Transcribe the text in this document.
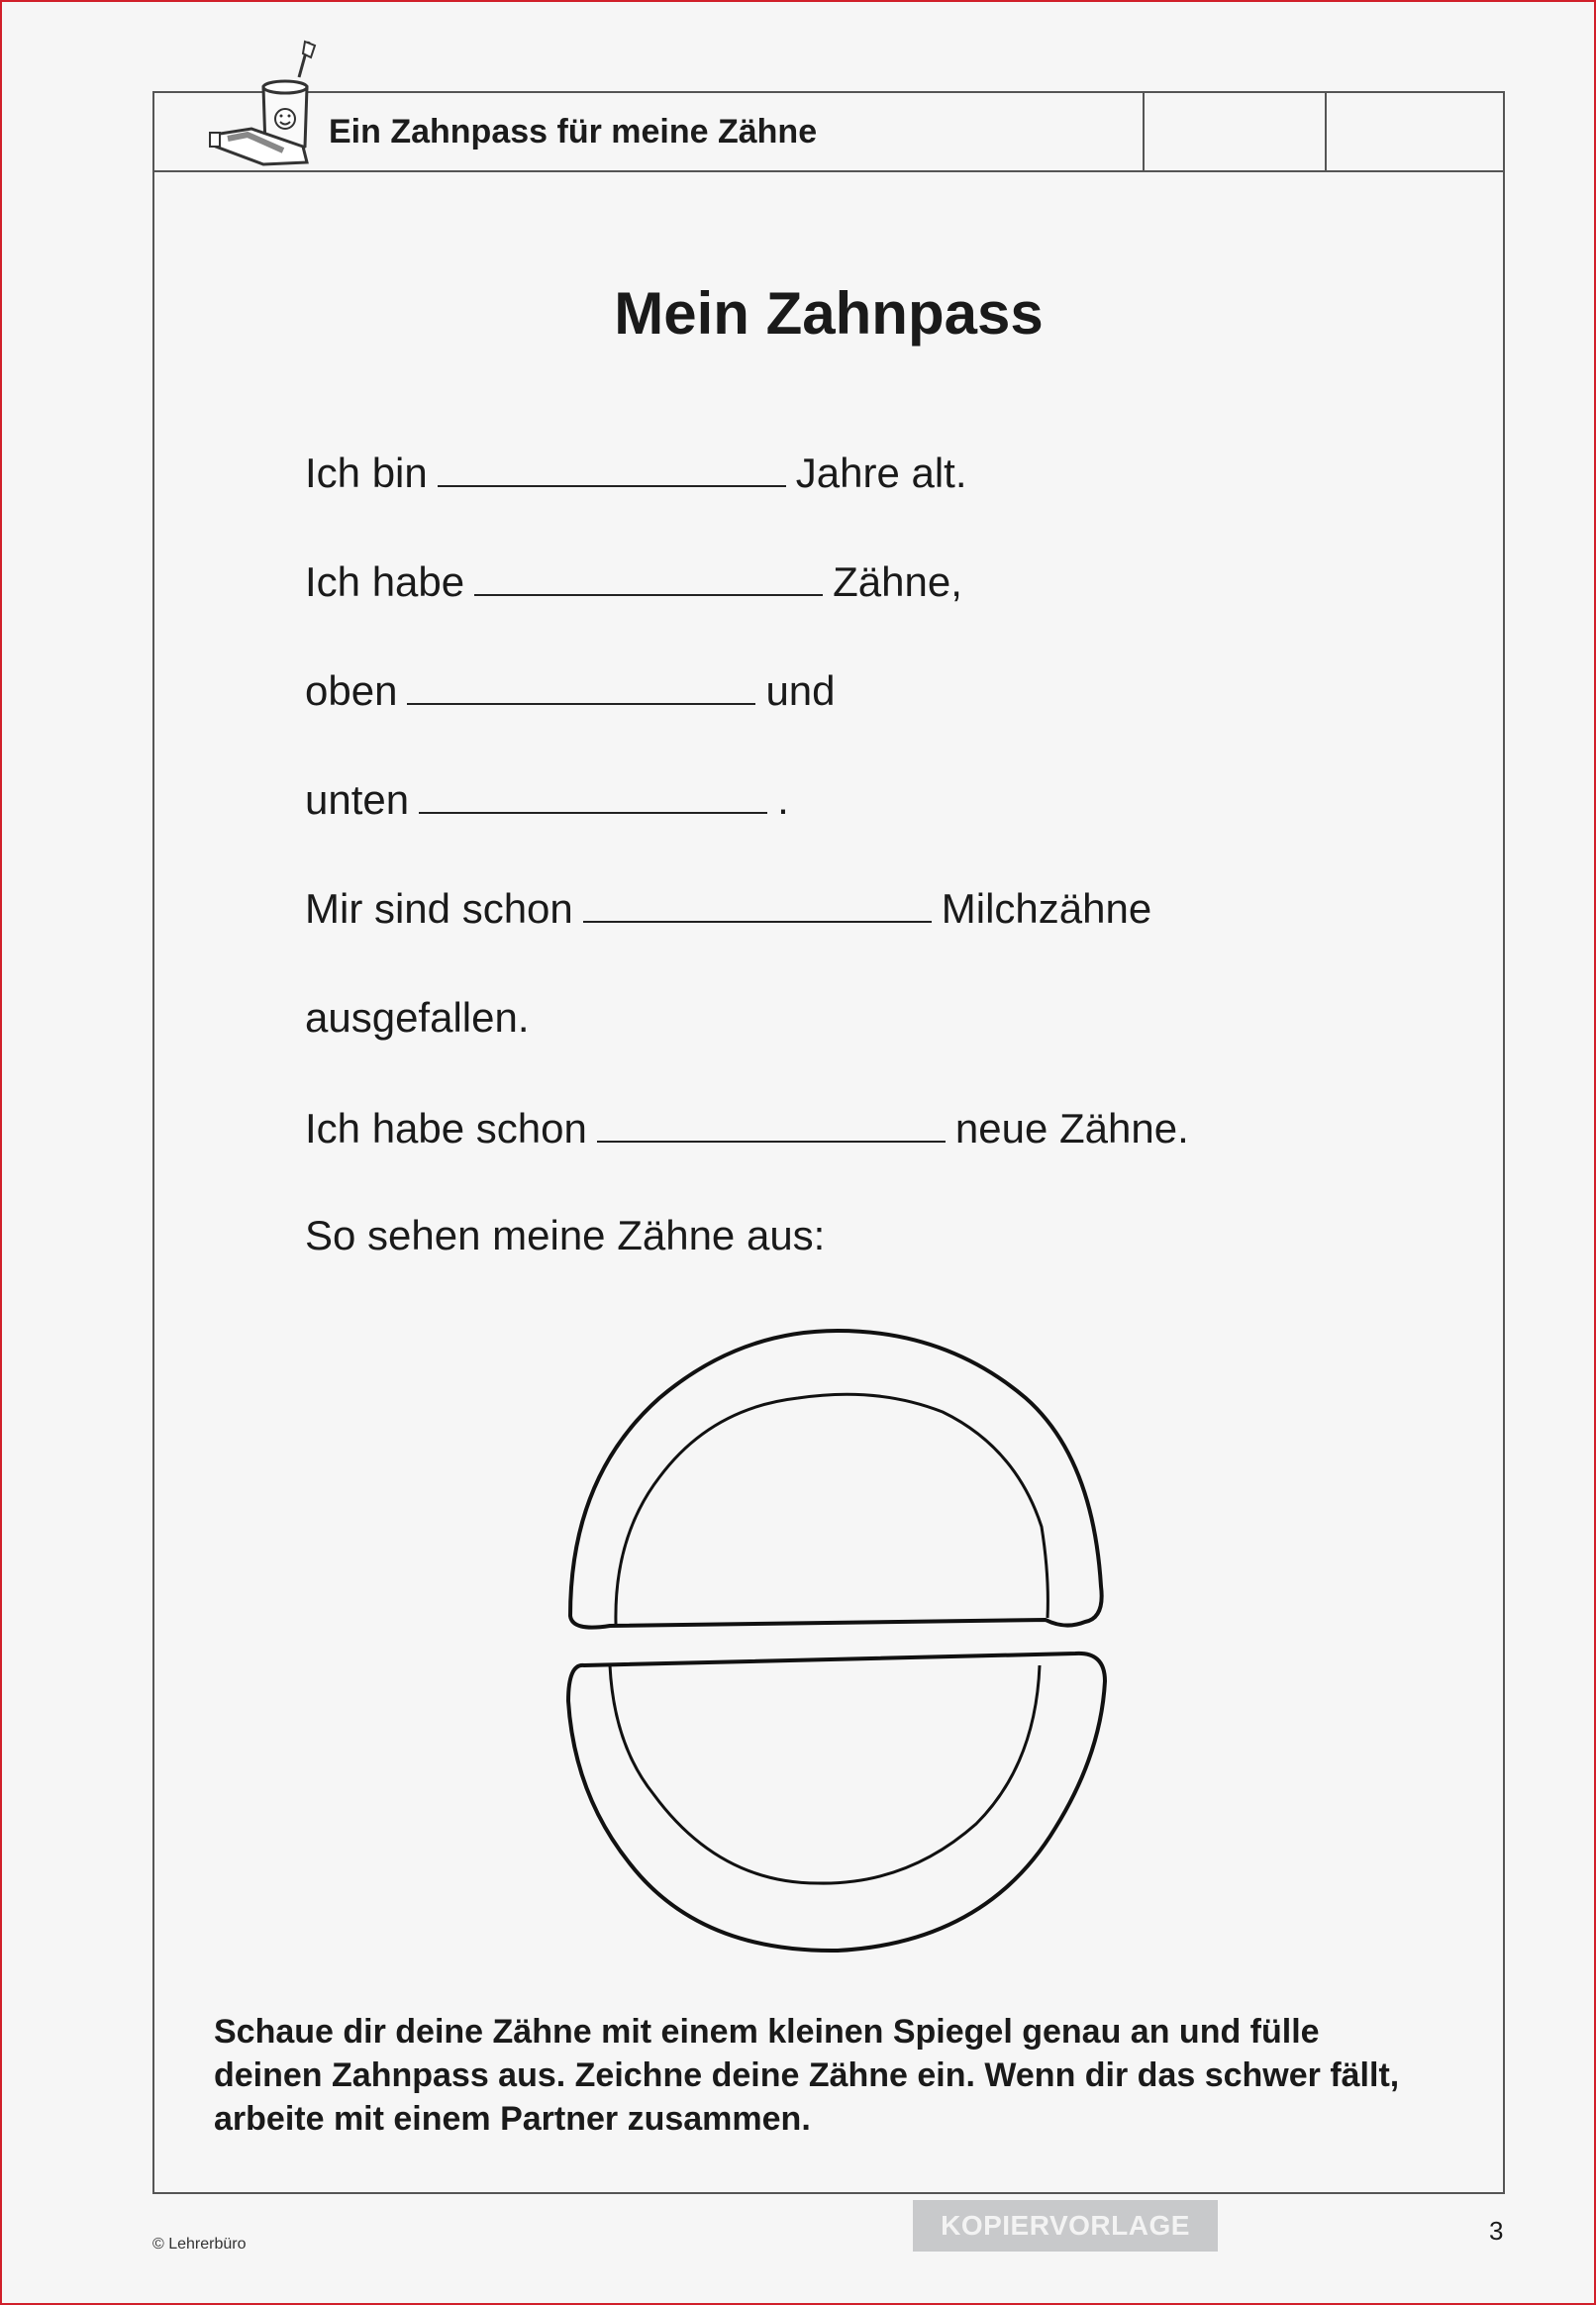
Ein Zahnpass für meine Zähne
Mein Zahnpass
Ich bin	Jahre alt.
Ich habe	Zähne,
oben	und
unten	.
Mir sind schon	Milchzähne
ausgefallen.
Ich habe schon	neue Zähne.
So sehen meine Zähne aus:
Schaue dir deine Zähne mit einem kleinen Spiegel genau an und fülle deinen Zahnpass aus. Zeichne deine Zähne ein. Wenn dir das schwer fällt, arbeite mit einem Partner zusammen.
© Lehrerbüro
KOPIERVORLAGE	3
